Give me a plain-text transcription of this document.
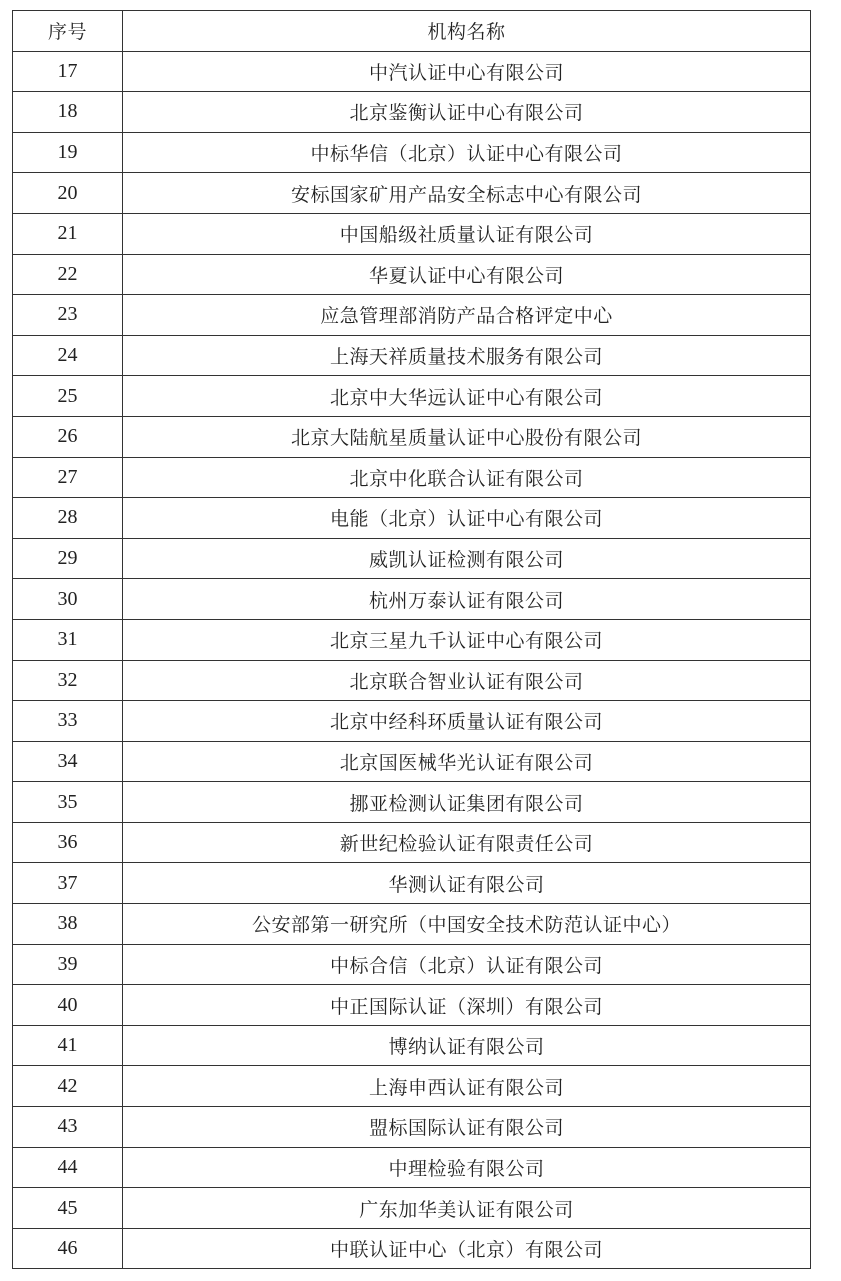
序号	机构名称
17	中汽认证中心有限公司
18	北京鉴衡认证中心有限公司
19	中标华信（北京）认证中心有限公司
20	安标国家矿用产品安全标志中心有限公司
21	中国船级社质量认证有限公司
22	华夏认证中心有限公司
23	应急管理部消防产品合格评定中心
24	上海天祥质量技术服务有限公司
25	北京中大华远认证中心有限公司
26	北京大陆航星质量认证中心股份有限公司
27	北京中化联合认证有限公司
28	电能（北京）认证中心有限公司
29	威凯认证检测有限公司
30	杭州万泰认证有限公司
31	北京三星九千认证中心有限公司
32	北京联合智业认证有限公司
33	北京中经科环质量认证有限公司
34	北京国医械华光认证有限公司
35	挪亚检测认证集团有限公司
36	新世纪检验认证有限责任公司
37	华测认证有限公司
38	公安部第一研究所（中国安全技术防范认证中心）
39	中标合信（北京）认证有限公司
40	中正国际认证（深圳）有限公司
41	博纳认证有限公司
42	上海申西认证有限公司
43	盟标国际认证有限公司
44	中理检验有限公司
45	广东加华美认证有限公司
46	中联认证中心（北京）有限公司
